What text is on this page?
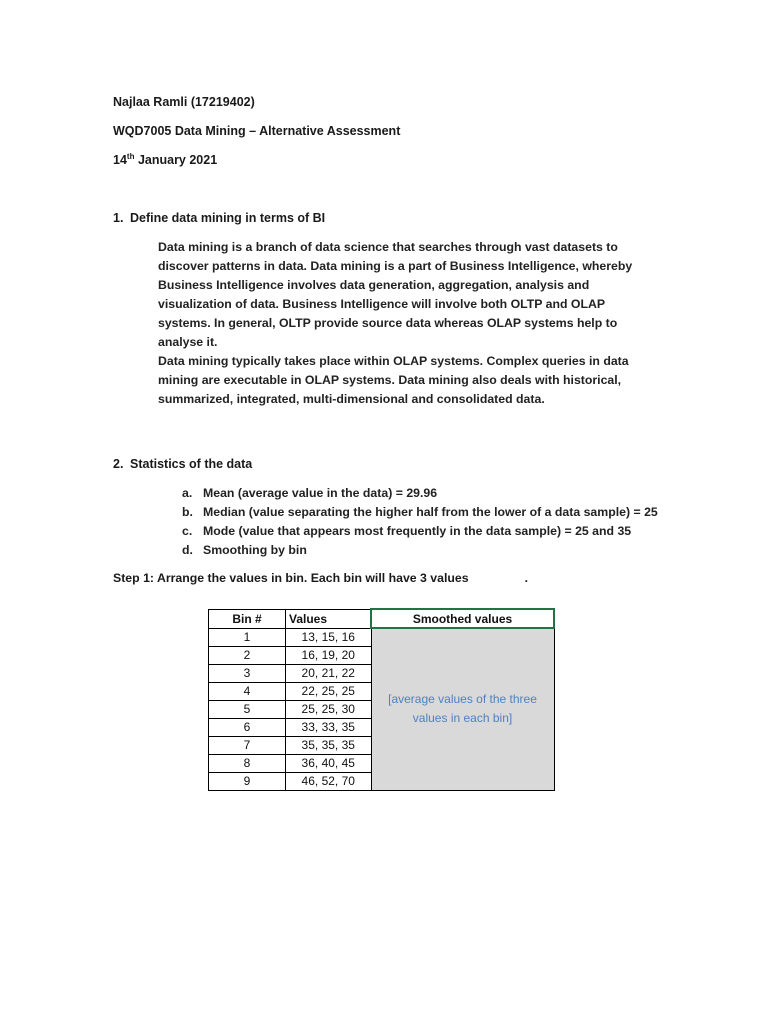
Najlaa Ramli (17219402)
WQD7005 Data Mining – Alternative Assessment
14th January 2021
1. Define data mining in terms of BI

Data mining is a branch of data science that searches through vast datasets to discover patterns in data. Data mining is a part of Business Intelligence, whereby Business Intelligence involves data generation, aggregation, analysis and visualization of data. Business Intelligence will involve both OLTP and OLAP systems. In general, OLTP provide source data whereas OLAP systems help to analyse it.

Data mining typically takes place within OLAP systems. Complex queries in data mining are executable in OLAP systems. Data mining also deals with historical, summarized, integrated, multi-dimensional and consolidated data.

2. Statistics of the data
a. Mean (average value in the data) = 29.96
b. Median (value separating the higher half from the lower of a data sample) = 25
c. Mode (value that appears most frequently in the data sample) = 25 and 35
d. Smoothing by bin
Step 1: Arrange the values in bin. Each bin will have 3 values	.
Bin #	Values	Smoothed values
1	13, 15, 16	[average values of the three values in each bin]
2	16, 19, 20	
3	20, 21, 22	
4	22, 25, 25	
5	25, 25, 30	
6	33, 33, 35	
7	35, 35, 35	
8	36, 40, 45	
9	46, 52, 70	
